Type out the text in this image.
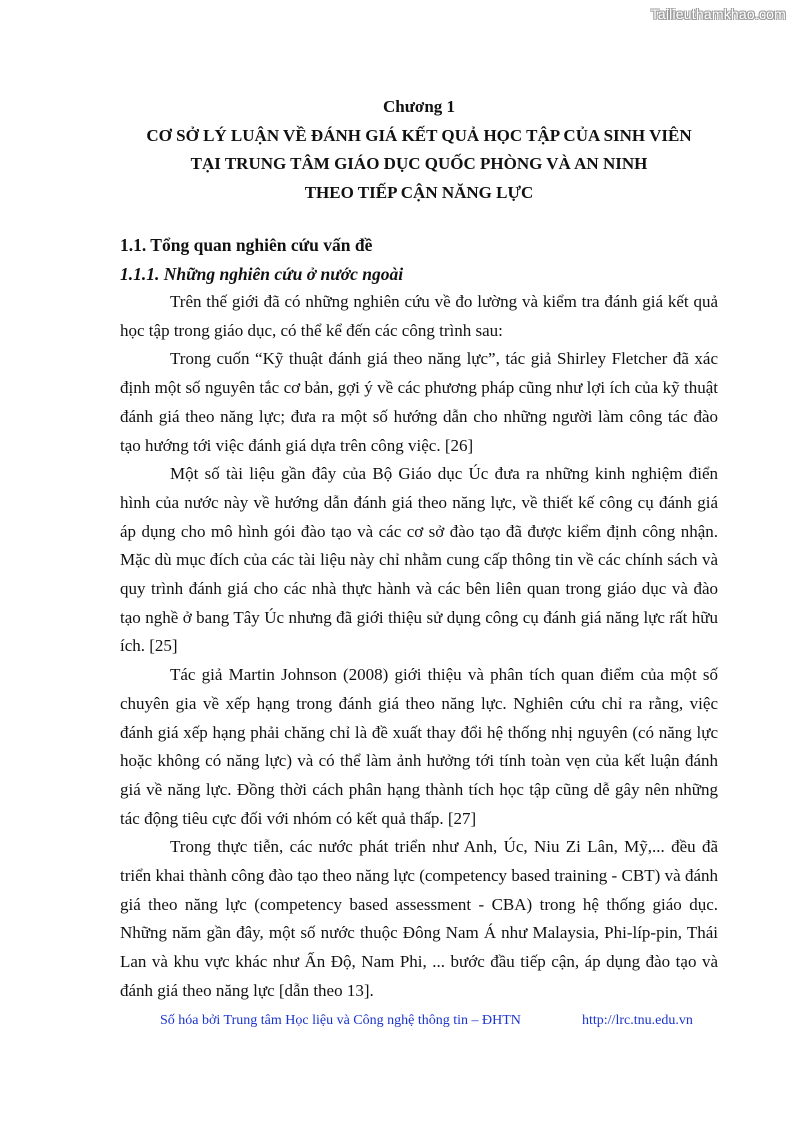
Tailieuthamkhao.com
Chương 1
CƠ SỞ LÝ LUẬN VỀ ĐÁNH GIÁ KẾT QUẢ HỌC TẬP CỦA SINH VIÊN
TẠI TRUNG TÂM GIÁO DỤC QUỐC PHÒNG VÀ AN NINH
THEO TIẾP CẬN NĂNG LỰC
1.1. Tổng quan nghiên cứu vấn đề
1.1.1. Những nghiên cứu ở nước ngoài

Trên thế giới đã có những nghiên cứu về đo lường và kiểm tra đánh giá kết quả học tập trong giáo dục, có thể kể đến các công trình sau:

Trong cuốn “Kỹ thuật đánh giá theo năng lực”, tác giả Shirley Fletcher đã xác định một số nguyên tắc cơ bản, gợi ý về các phương pháp cũng như lợi ích của kỹ thuật đánh giá theo năng lực; đưa ra một số hướng dẫn cho những người làm công tác đào tạo hướng tới việc đánh giá dựa trên công việc. [26]

Một số tài liệu gần đây của Bộ Giáo dục Úc đưa ra những kinh nghiệm điển hình của nước này về hướng dẫn đánh giá theo năng lực, về thiết kế công cụ đánh giá áp dụng cho mô hình gói đào tạo và các cơ sở đào tạo đã được kiểm định công nhận. Mặc dù mục đích của các tài liệu này chỉ nhằm cung cấp thông tin về các chính sách và quy trình đánh giá cho các nhà thực hành và các bên liên quan trong giáo dục và đào tạo nghề ở bang Tây Úc nhưng đã giới thiệu sử dụng công cụ đánh giá năng lực rất hữu ích. [25]

Tác giả Martin Johnson (2008) giới thiệu và phân tích quan điểm của một số chuyên gia về xếp hạng trong đánh giá theo năng lực. Nghiên cứu chỉ ra rằng, việc đánh giá xếp hạng phải chăng chỉ là đề xuất thay đổi hệ thống nhị nguyên (có năng lực hoặc không có năng lực) và có thể làm ảnh hưởng tới tính toàn vẹn của kết luận đánh giá về năng lực. Đồng thời cách phân hạng thành tích học tập cũng dễ gây nên những tác động tiêu cực đối với nhóm có kết quả thấp. [27]

Trong thực tiễn, các nước phát triển như Anh, Úc, Niu Zi Lân, Mỹ,... đều đã triển khai thành công đào tạo theo năng lực (competency based training - CBT) và đánh giá theo năng lực (competency based assessment - CBA) trong hệ thống giáo dục. Những năm gần đây, một số nước thuộc Đông Nam Á như Malaysia, Phi-líp-pin, Thái Lan và khu vực khác như Ấn Độ, Nam Phi, ... bước đầu tiếp cận, áp dụng đào tạo và đánh giá theo năng lực [dẫn theo 13].

Số hóa bởi Trung tâm Học liệu và Công nghệ thông tin – ĐHTN	http://lrc.tnu.edu.vn
